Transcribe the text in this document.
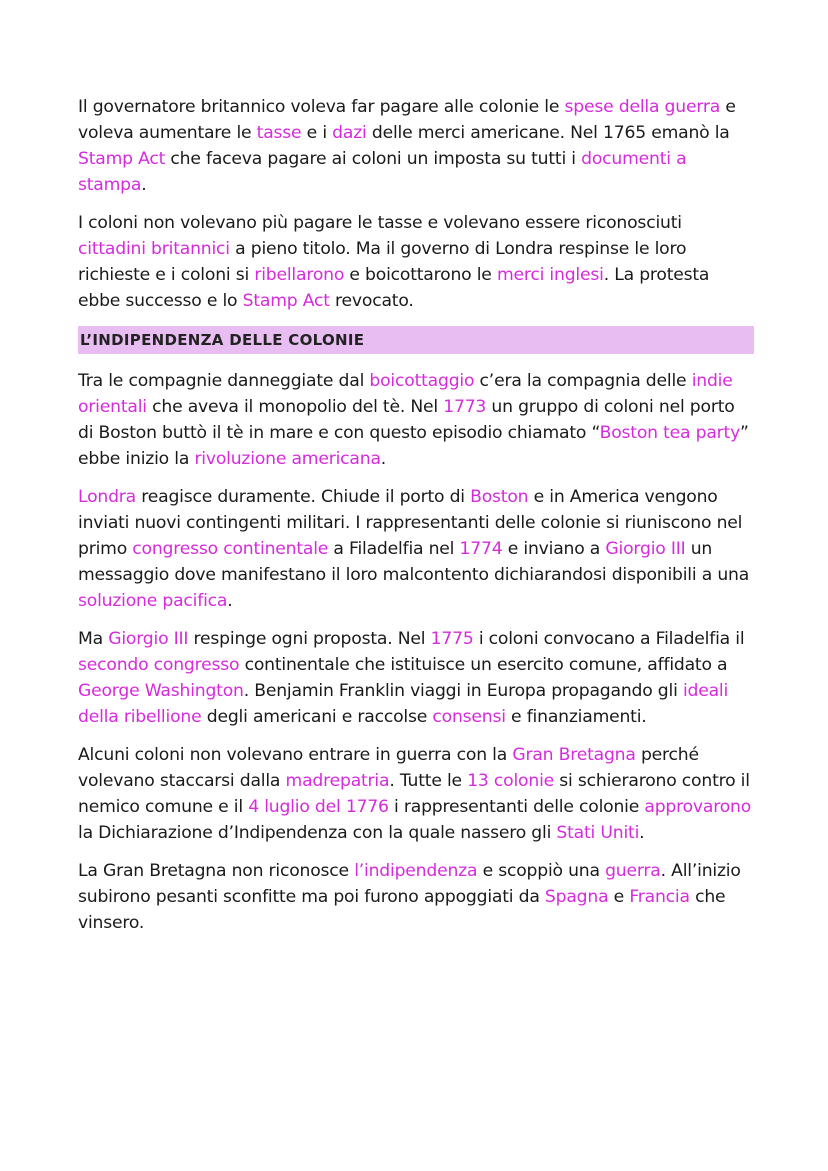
Il governatore britannico voleva far pagare alle colonie le spese della guerra e voleva aumentare le tasse e i dazi delle merci americane. Nel 1765 emanò la Stamp Act che faceva pagare ai coloni un imposta su tutti i documenti a stampa.

I coloni non volevano più pagare le tasse e volevano essere riconosciuti cittadini britannici a pieno titolo. Ma il governo di Londra respinse le loro richieste e i coloni si ribellarono e boicottarono le merci inglesi. La protesta ebbe successo e lo Stamp Act revocato.

L’INDIPENDENZA DELLE COLONIE

Tra le compagnie danneggiate dal boicottaggio c’era la compagnia delle indie orientali che aveva il monopolio del tè. Nel 1773 un gruppo di coloni nel porto di Boston buttò il tè in mare e con questo episodio chiamato “Boston tea party” ebbe inizio la rivoluzione americana.

Londra reagisce duramente. Chiude il porto di Boston e in America vengono inviati nuovi contingenti militari. I rappresentanti delle colonie si riuniscono nel primo congresso continentale a Filadelfia nel 1774 e inviano a Giorgio III un messaggio dove manifestano il loro malcontento dichiarandosi disponibili a una soluzione pacifica.

Ma Giorgio III respinge ogni proposta. Nel 1775 i coloni convocano a Filadelfia il secondo congresso continentale che istituisce un esercito comune, affidato a George Washington. Benjamin Franklin viaggi in Europa propagando gli ideali della ribellione degli americani e raccolse consensi e finanziamenti.

Alcuni coloni non volevano entrare in guerra con la Gran Bretagna perché volevano staccarsi dalla madrepatria. Tutte le 13 colonie si schierarono contro il nemico comune e il 4 luglio del 1776 i rappresentanti delle colonie approvarono la Dichiarazione d’Indipendenza con la quale nassero gli Stati Uniti.

La Gran Bretagna non riconosce l’indipendenza e scoppiò una guerra. All’inizio subirono pesanti sconfitte ma poi furono appoggiati da Spagna e Francia che vinsero.
